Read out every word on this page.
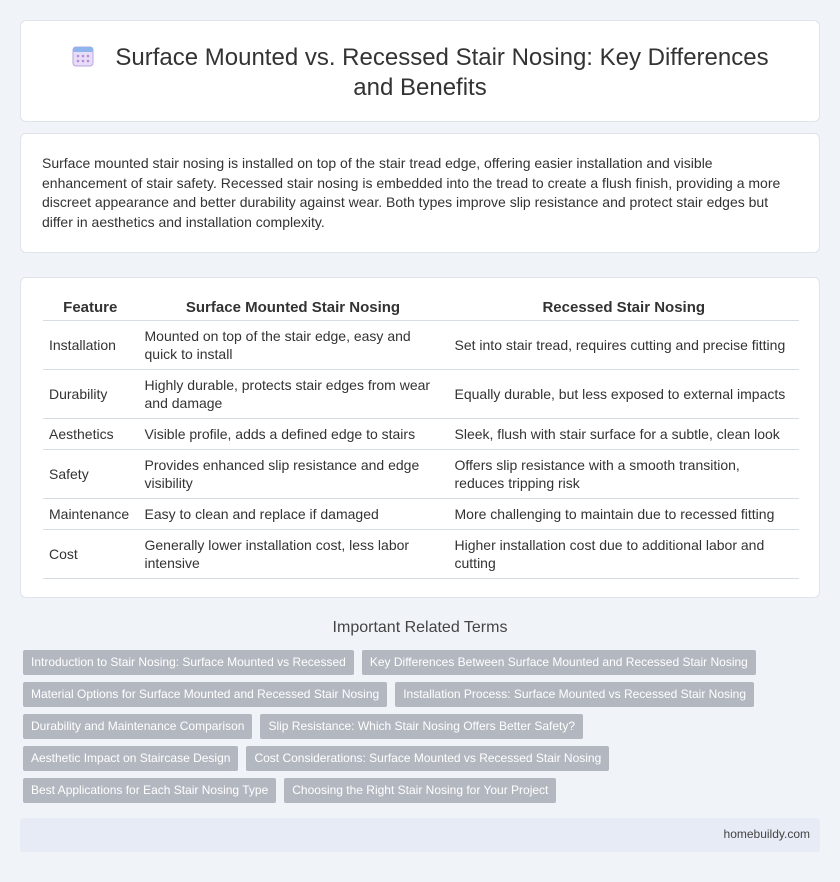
Surface Mounted vs. Recessed Stair Nosing: Key Differences and Benefits

Surface mounted stair nosing is installed on top of the stair tread edge, offering easier installation and visible enhancement of stair safety. Recessed stair nosing is embedded into the tread to create a flush finish, providing a more discreet appearance and better durability against wear. Both types improve slip resistance and protect stair edges but differ in aesthetics and installation complexity.

Feature	Surface Mounted Stair Nosing	Recessed Stair Nosing
Installation	Mounted on top of the stair edge, easy and quick to install	Set into stair tread, requires cutting and precise fitting
Durability	Highly durable, protects stair edges from wear and damage	Equally durable, but less exposed to external impacts
Aesthetics	Visible profile, adds a defined edge to stairs	Sleek, flush with stair surface for a subtle, clean look
Safety	Provides enhanced slip resistance and edge visibility	Offers slip resistance with a smooth transition, reduces tripping risk
Maintenance	Easy to clean and replace if damaged	More challenging to maintain due to recessed fitting
Cost	Generally lower installation cost, less labor intensive	Higher installation cost due to additional labor and cutting
Important Related Terms
Introduction to Stair Nosing: Surface Mounted vs Recessed	Key Differences Between Surface Mounted and Recessed Stair Nosing
Material Options for Surface Mounted and Recessed Stair Nosing	Installation Process: Surface Mounted vs Recessed Stair Nosing
Durability and Maintenance Comparison	Slip Resistance: Which Stair Nosing Offers Better Safety?
Aesthetic Impact on Staircase Design	Cost Considerations: Surface Mounted vs Recessed Stair Nosing
Best Applications for Each Stair Nosing Type	Choosing the Right Stair Nosing for Your Project
homebuildy.com
